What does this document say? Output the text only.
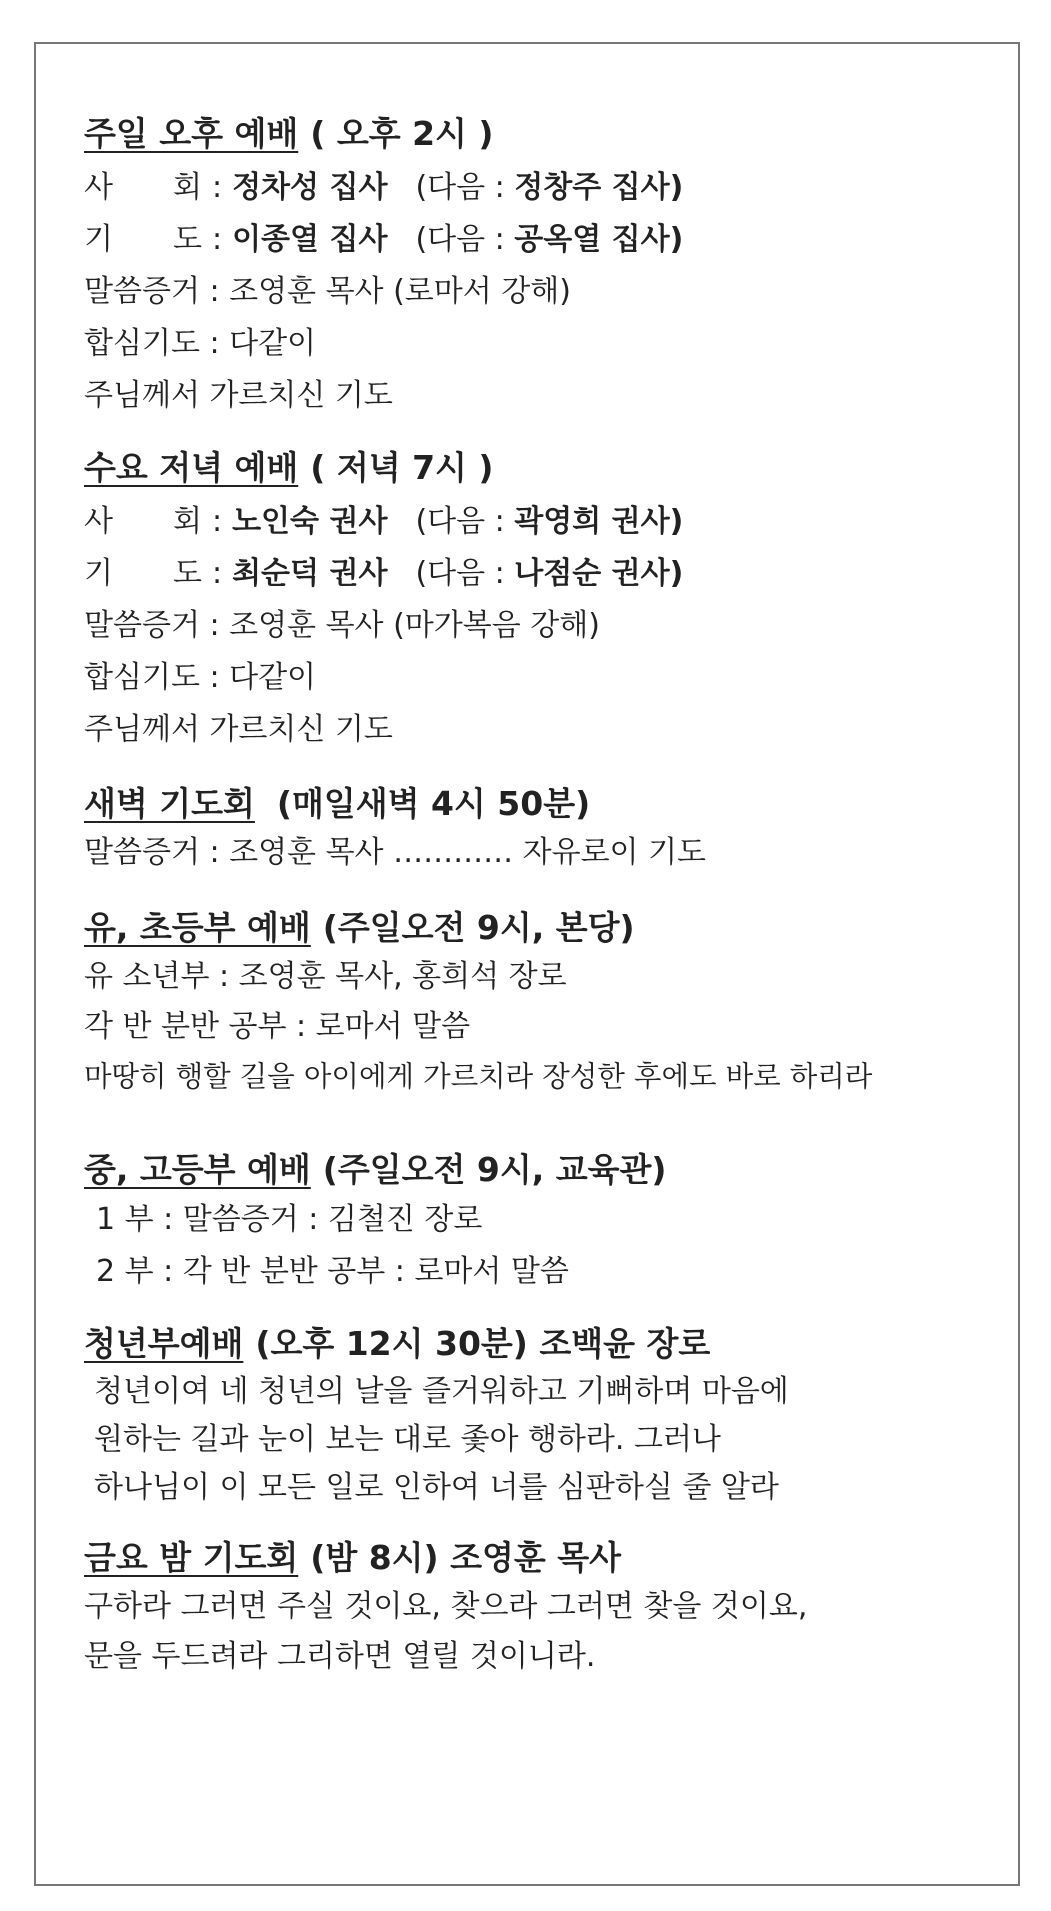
주일 오후 예배 ( 오후 2시 )
사　　회 : 정차성 집사 (다음 : 정창주 집사)
기　　도 : 이종열 집사 (다음 : 공옥열 집사)
말씀증거 : 조영훈 목사 (로마서 강해)
합심기도 : 다같이
주님께서 가르치신 기도
수요 저녁 예배 ( 저녁 7시 )
사　　회 : 노인숙 권사 (다음 : 곽영희 권사)
기　　도 : 최순덕 권사 (다음 : 나점순 권사)
말씀증거 : 조영훈 목사 (마가복음 강해)
합심기도 : 다같이
주님께서 가르치신 기도
새벽 기도회 (매일새벽 4시 50분)
말씀증거 : 조영훈 목사 ………… 자유로이 기도
유, 초등부 예배 (주일오전 9시, 본당)
유 소년부 : 조영훈 목사, 홍희석 장로
각 반 분반 공부 : 로마서 말씀
마땅히 행할 길을 아이에게 가르치라 장성한 후에도 바로 하리라
중, 고등부 예배 (주일오전 9시, 교육관)
1 부 : 말씀증거 : 김철진 장로
2 부 : 각 반 분반 공부 : 로마서 말씀
청년부예배 (오후 12시 30분) 조백윤 장로
청년이여 네 청년의 날을 즐거워하고 기뻐하며 마음에
원하는 길과 눈이 보는 대로 좇아 행하라. 그러나
하나님이 이 모든 일로 인하여 너를 심판하실 줄 알라
금요 밤 기도회 (밤 8시) 조영훈 목사
구하라 그러면 주실 것이요, 찾으라 그러면 찾을 것이요,
문을 두드려라 그리하면 열릴 것이니라.
